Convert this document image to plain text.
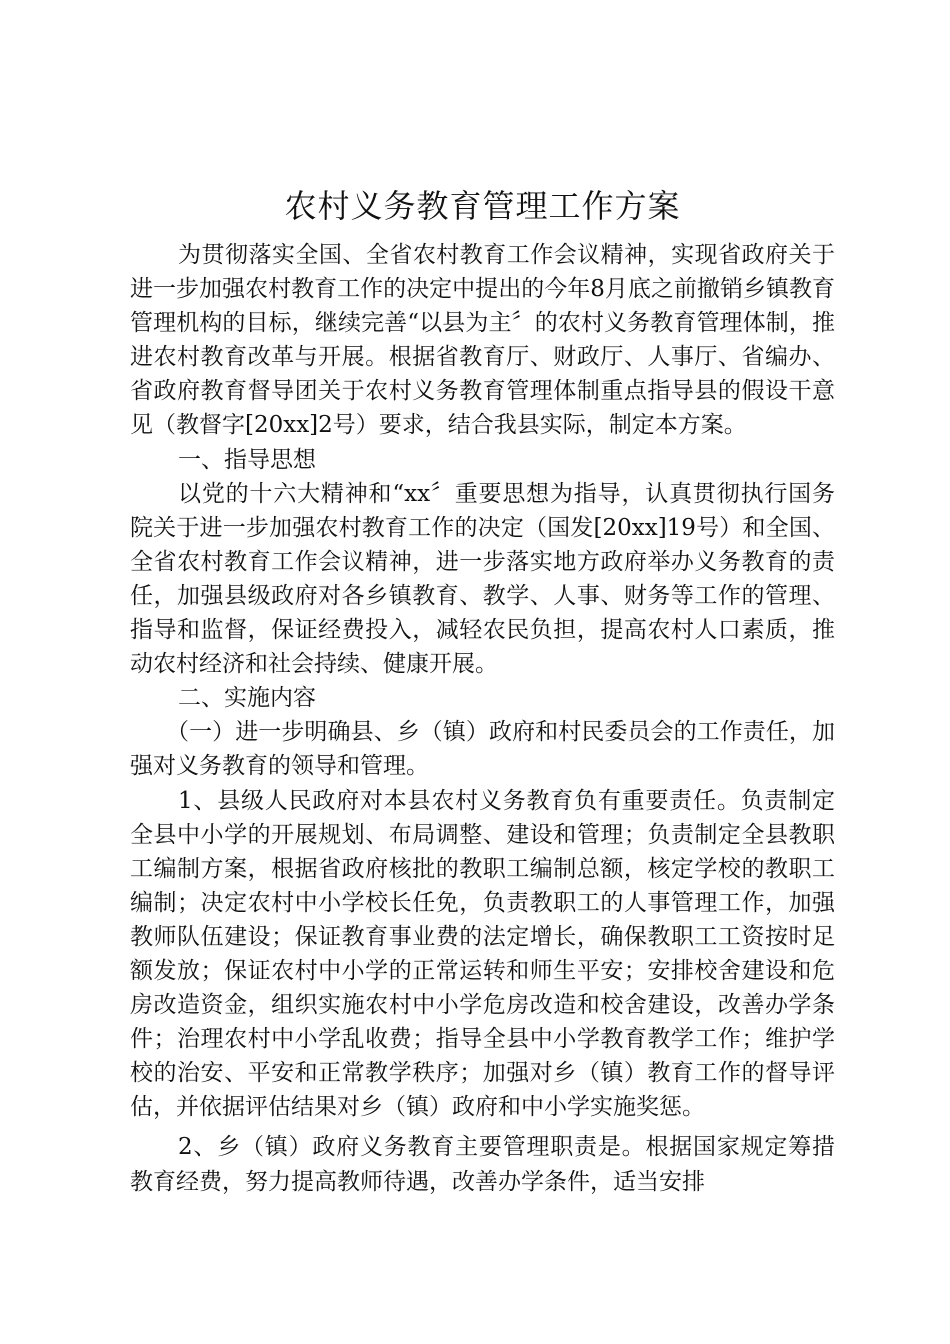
农村义务教育管理工作方案

为贯彻落实全国、全省农村教育工作会议精神，实现省政府关于进一步加强农村教育工作的决定中提出的今年8月底之前撤销乡镇教育管理机构的目标，继续完善“以县为主〞的农村义务教育管理体制，推进农村教育改革与开展。根据省教育厅、财政厅、人事厅、省编办、省政府教育督导团关于农村义务教育管理体制重点指导县的假设干意见（教督字[20xx]2号）要求，结合我县实际，制定本方案。

一、指导思想

以党的十六大精神和“xx〞重要思想为指导，认真贯彻执行国务院关于进一步加强农村教育工作的决定（国发[20xx]19号）和全国、全省农村教育工作会议精神，进一步落实地方政府举办义务教育的责任，加强县级政府对各乡镇教育、教学、人事、财务等工作的管理、指导和监督，保证经费投入，减轻农民负担，提高农村人口素质，推动农村经济和社会持续、健康开展。

二、实施内容

（一）进一步明确县、乡（镇）政府和村民委员会的工作责任，加强对义务教育的领导和管理。

1、县级人民政府对本县农村义务教育负有重要责任。负责制定全县中小学的开展规划、布局调整、建设和管理；负责制定全县教职工编制方案，根据省政府核批的教职工编制总额，核定学校的教职工编制；决定农村中小学校长任免，负责教职工的人事管理工作，加强教师队伍建设；保证教育事业费的法定增长，确保教职工工资按时足额发放；保证农村中小学的正常运转和师生平安；安排校舍建设和危房改造资金，组织实施农村中小学危房改造和校舍建设，改善办学条件；治理农村中小学乱收费；指导全县中小学教育教学工作；维护学校的治安、平安和正常教学秩序；加强对乡（镇）教育工作的督导评估，并依据评估结果对乡（镇）政府和中小学实施奖惩。

2、乡（镇）政府义务教育主要管理职责是。根据国家规定筹措教育经费，努力提高教师待遇，改善办学条件，适当安排
